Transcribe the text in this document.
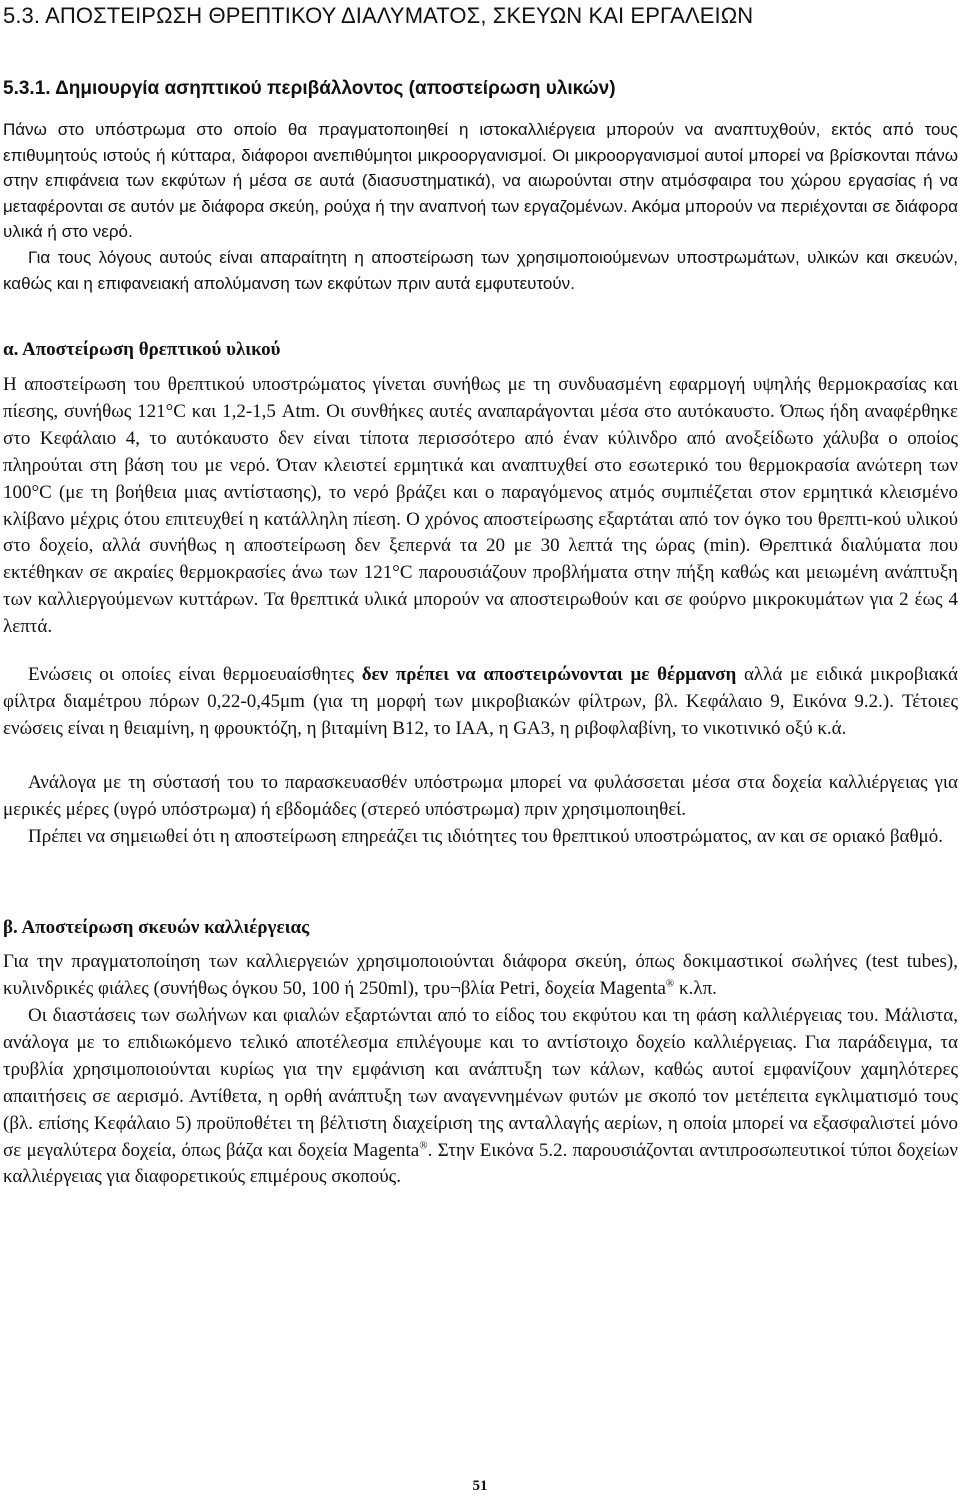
5.3. ΑΠΟΣΤΕΙΡΩΣΗ ΘΡΕΠΤΙΚΟΥ ΔΙΑΛΥΜΑΤΟΣ, ΣΚΕΥΩΝ ΚΑΙ ΕΡΓΑΛΕΙΩΝ
5.3.1. Δημιουργία ασηπτικού περιβάλλοντος (αποστείρωση υλικών)

Πάνω στο υπόστρωμα στο οποίο θα πραγματοποιηθεί η ιστοκαλλιέργεια μπορούν να αναπτυχθούν, εκτός από τους επιθυμητούς ιστούς ή κύτταρα, διάφοροι ανεπιθύμητοι μικροοργανισμοί. Οι μικροοργανισμοί αυτοί μπορεί να βρίσκονται πάνω στην επιφάνεια των εκφύτων ή μέσα σε αυτά (διασυστηματικά), να αιωρούνται στην ατμόσφαιρα του χώρου εργασίας ή να μεταφέρονται σε αυτόν με διάφορα σκεύη, ρούχα ή την αναπνοή των εργαζομένων. Ακόμα μπορούν να περιέχονται σε διάφορα υλικά ή στο νερό.

Για τους λόγους αυτούς είναι απαραίτητη η αποστείρωση των χρησιμοποιούμενων υποστρωμάτων, υλικών και σκευών, καθώς και η επιφανειακή απολύμανση των εκφύτων πριν αυτά εμφυτευτούν.

α. Αποστείρωση θρεπτικού υλικού

Η αποστείρωση του θρεπτικού υποστρώματος γίνεται συνήθως με τη συνδυασμένη εφαρμογή υψηλής θερμοκρασίας και πίεσης, συνήθως 121°C και 1,2-1,5 Atm. Οι συνθήκες αυτές αναπαράγονται μέσα στο αυτόκαυστο. Όπως ήδη αναφέρθηκε στο Κεφάλαιο 4, το αυτόκαυστο δεν είναι τίποτα περισσότερο από έναν κύλινδρο από ανοξείδωτο χάλυβα ο οποίος πληρούται στη βάση του με νερό. Όταν κλειστεί ερμητικά και αναπτυχθεί στο εσωτερικό του θερμοκρασία ανώτερη των 100°C (με τη βοήθεια μιας αντίστασης), το νερό βράζει και ο παραγόμενος ατμός συμπιέζεται στον ερμητικά κλεισμένο κλίβανο μέχρις ότου επιτευχθεί η κατάλληλη πίεση. Ο χρόνος αποστείρωσης εξαρτάται από τον όγκο του θρεπτι-κού υλικού στο δοχείο, αλλά συνήθως η αποστείρωση δεν ξεπερνά τα 20 με 30 λεπτά της ώρας (min). Θρεπτικά διαλύματα που εκτέθηκαν σε ακραίες θερμοκρασίες άνω των 121°C παρουσιάζουν προβλήματα στην πήξη καθώς και μειωμένη ανάπτυξη των καλλιεργούμενων κυττάρων. Τα θρεπτικά υλικά μπορούν να αποστειρωθούν και σε φούρνο μικροκυμάτων για 2 έως 4 λεπτά.

Ενώσεις οι οποίες είναι θερμοευαίσθητες δεν πρέπει να αποστειρώνονται με θέρμανση αλλά με ειδικά μικροβιακά φίλτρα διαμέτρου πόρων 0,22-0,45μm (για τη μορφή των μικροβιακών φίλτρων, βλ. Κεφάλαιο 9, Εικόνα 9.2.). Τέτοιες ενώσεις είναι η θειαμίνη, η φρουκτόζη, η βιταμίνη B12, το ΙΑΑ, η GA3, η ριβοφλαβίνη, το νικοτινικό οξύ κ.ά.

Ανάλογα με τη σύστασή του το παρασκευασθέν υπόστρωμα μπορεί να φυλάσσεται μέσα στα δοχεία καλλιέργειας για μερικές μέρες (υγρό υπόστρωμα) ή εβδομάδες (στερεό υπόστρωμα) πριν χρησιμοποιηθεί.

Πρέπει να σημειωθεί ότι η αποστείρωση επηρεάζει τις ιδιότητες του θρεπτικού υποστρώματος, αν και σε οριακό βαθμό.

β. Αποστείρωση σκευών καλλιέργειας

Για την πραγματοποίηση των καλλιεργειών χρησιμοποιούνται διάφορα σκεύη, όπως δοκιμαστικοί σωλήνες (test tubes), κυλινδρικές φιάλες (συνήθως όγκου 50, 100 ή 250ml), τρυ¬βλία Petri, δοχεία Magenta® κ.λπ.

Οι διαστάσεις των σωλήνων και φιαλών εξαρτώνται από το είδος του εκφύτου και τη φάση καλλιέργειας του. Μάλιστα, ανάλογα με το επιδιωκόμενο τελικό αποτέλεσμα επιλέγουμε και το αντίστοιχο δοχείο καλλιέργειας. Για παράδειγμα, τα τρυβλία χρησιμοποιούνται κυρίως για την εμφάνιση και ανάπτυξη των κάλων, καθώς αυτοί εμφανίζουν χαμηλότερες απαιτήσεις σε αερισμό. Αντίθετα, η ορθή ανάπτυξη των αναγεννημένων φυτών με σκοπό τον μετέπειτα εγκλιματισμό τους (βλ. επίσης Κεφάλαιο 5) προϋποθέτει τη βέλτιστη διαχείριση της ανταλλαγής αερίων, η οποία μπορεί να εξασφαλιστεί μόνο σε μεγαλύτερα δοχεία, όπως βάζα και δοχεία Magenta®. Στην Εικόνα 5.2. παρουσιάζονται αντιπροσωπευτικοί τύποι δοχείων καλλιέργειας για διαφορετικούς επιμέρους σκοπούς.

51
